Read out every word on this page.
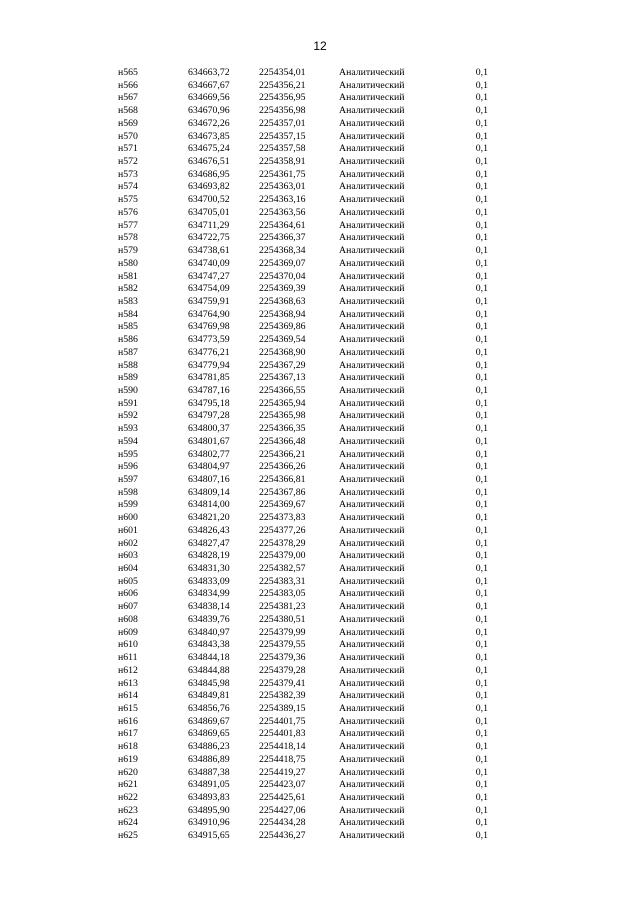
12
н565	634663,72	2254354,01	Аналитический	0,1
н566	634667,67	2254356,21	Аналитический	0,1
н567	634669,56	2254356,95	Аналитический	0,1
н568	634670,96	2254356,98	Аналитический	0,1
н569	634672,26	2254357,01	Аналитический	0,1
н570	634673,85	2254357,15	Аналитический	0,1
н571	634675,24	2254357,58	Аналитический	0,1
н572	634676,51	2254358,91	Аналитический	0,1
н573	634686,95	2254361,75	Аналитический	0,1
н574	634693,82	2254363,01	Аналитический	0,1
н575	634700,52	2254363,16	Аналитический	0,1
н576	634705,01	2254363,56	Аналитический	0,1
н577	634711,29	2254364,61	Аналитический	0,1
н578	634722,75	2254366,37	Аналитический	0,1
н579	634738,61	2254368,34	Аналитический	0,1
н580	634740,09	2254369,07	Аналитический	0,1
н581	634747,27	2254370,04	Аналитический	0,1
н582	634754,09	2254369,39	Аналитический	0,1
н583	634759,91	2254368,63	Аналитический	0,1
н584	634764,90	2254368,94	Аналитический	0,1
н585	634769,98	2254369,86	Аналитический	0,1
н586	634773,59	2254369,54	Аналитический	0,1
н587	634776,21	2254368,90	Аналитический	0,1
н588	634779,94	2254367,29	Аналитический	0,1
н589	634781,85	2254367,13	Аналитический	0,1
н590	634787,16	2254366,55	Аналитический	0,1
н591	634795,18	2254365,94	Аналитический	0,1
н592	634797,28	2254365,98	Аналитический	0,1
н593	634800,37	2254366,35	Аналитический	0,1
н594	634801,67	2254366,48	Аналитический	0,1
н595	634802,77	2254366,21	Аналитический	0,1
н596	634804,97	2254366,26	Аналитический	0,1
н597	634807,16	2254366,81	Аналитический	0,1
н598	634809,14	2254367,86	Аналитический	0,1
н599	634814,00	2254369,67	Аналитический	0,1
н600	634821,20	2254373,83	Аналитический	0,1
н601	634826,43	2254377,26	Аналитический	0,1
н602	634827,47	2254378,29	Аналитический	0,1
н603	634828,19	2254379,00	Аналитический	0,1
н604	634831,30	2254382,57	Аналитический	0,1
н605	634833,09	2254383,31	Аналитический	0,1
н606	634834,99	2254383,05	Аналитический	0,1
н607	634838,14	2254381,23	Аналитический	0,1
н608	634839,76	2254380,51	Аналитический	0,1
н609	634840,97	2254379,99	Аналитический	0,1
н610	634843,38	2254379,55	Аналитический	0,1
н611	634844,18	2254379,36	Аналитический	0,1
н612	634844,88	2254379,28	Аналитический	0,1
н613	634845,98	2254379,41	Аналитический	0,1
н614	634849,81	2254382,39	Аналитический	0,1
н615	634856,76	2254389,15	Аналитический	0,1
н616	634869,67	2254401,75	Аналитический	0,1
н617	634869,65	2254401,83	Аналитический	0,1
н618	634886,23	2254418,14	Аналитический	0,1
н619	634886,89	2254418,75	Аналитический	0,1
н620	634887,38	2254419,27	Аналитический	0,1
н621	634891,05	2254423,07	Аналитический	0,1
н622	634893,83	2254425,61	Аналитический	0,1
н623	634895,90	2254427,06	Аналитический	0,1
н624	634910,96	2254434,28	Аналитический	0,1
н625	634915,65	2254436,27	Аналитический	0,1
